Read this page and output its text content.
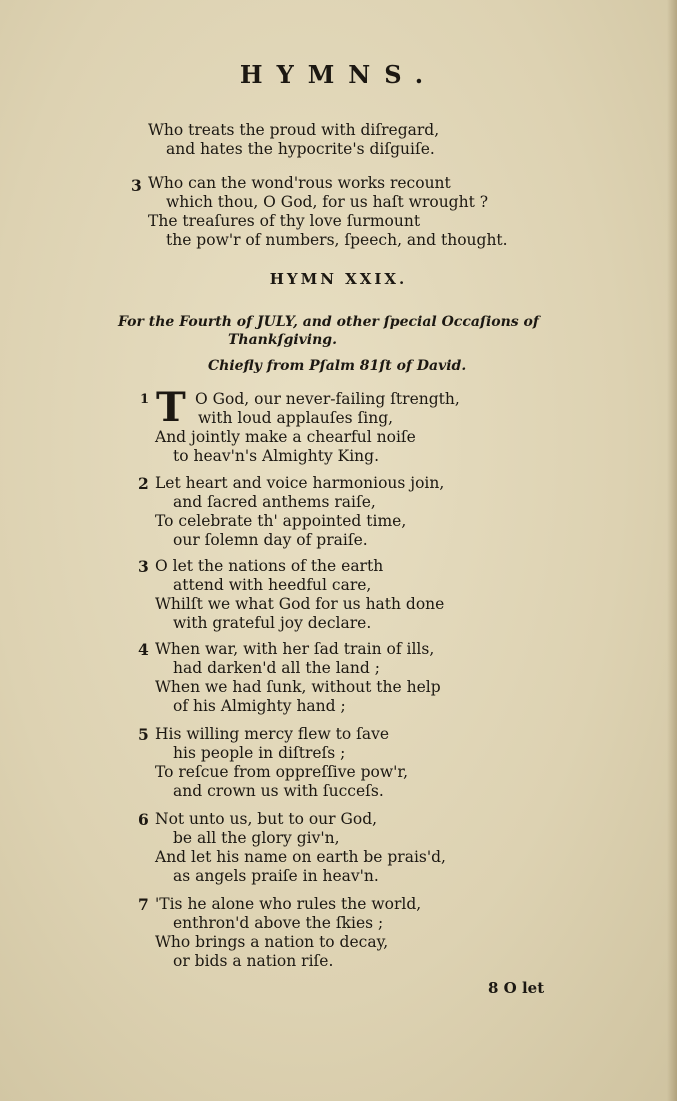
HYMNS.
Who treats the proud with diſregard,
and hates the hypocrite's diſguiſe.
3 Who can the wond'rous works recount
which thou, O God, for us haſt wrought ?
The treaſures of thy love ſurmount
the pow'r of numbers, ſpeech, and thought.
HYMN XXIX.
For the Fourth of JULY, and other ſpecial Occaſions of
Thankſgiving.
Chiefly from Pſalm 81ſt of David.
1 T O God, our never-failing ſtrength,
with loud applauſes ſing,
And jointly make a chearful noiſe
to heav'n's Almighty King.
2 Let heart and voice harmonious join,
and ſacred anthems raiſe,
To celebrate th' appointed time,
our ſolemn day of praiſe.
3 O let the nations of the earth
attend with heedful care,
Whilſt we what God for us hath done
with grateful joy declare.
4 When war, with her ſad train of ills,
had darken'd all the land ;
When we had ſunk, without the help
of his Almighty hand ;
5 His willing mercy flew to ſave
his people in diſtreſs ;
To reſcue from oppreſſive pow'r,
and crown us with ſucceſs.
6 Not unto us, but to our God,
be all the glory giv'n,
And let his name on earth be prais'd,
as angels praiſe in heav'n.
7 'Tis he alone who rules the world,
enthron'd above the ſkies ;
Who brings a nation to decay,
or bids a nation riſe.
8 O let
